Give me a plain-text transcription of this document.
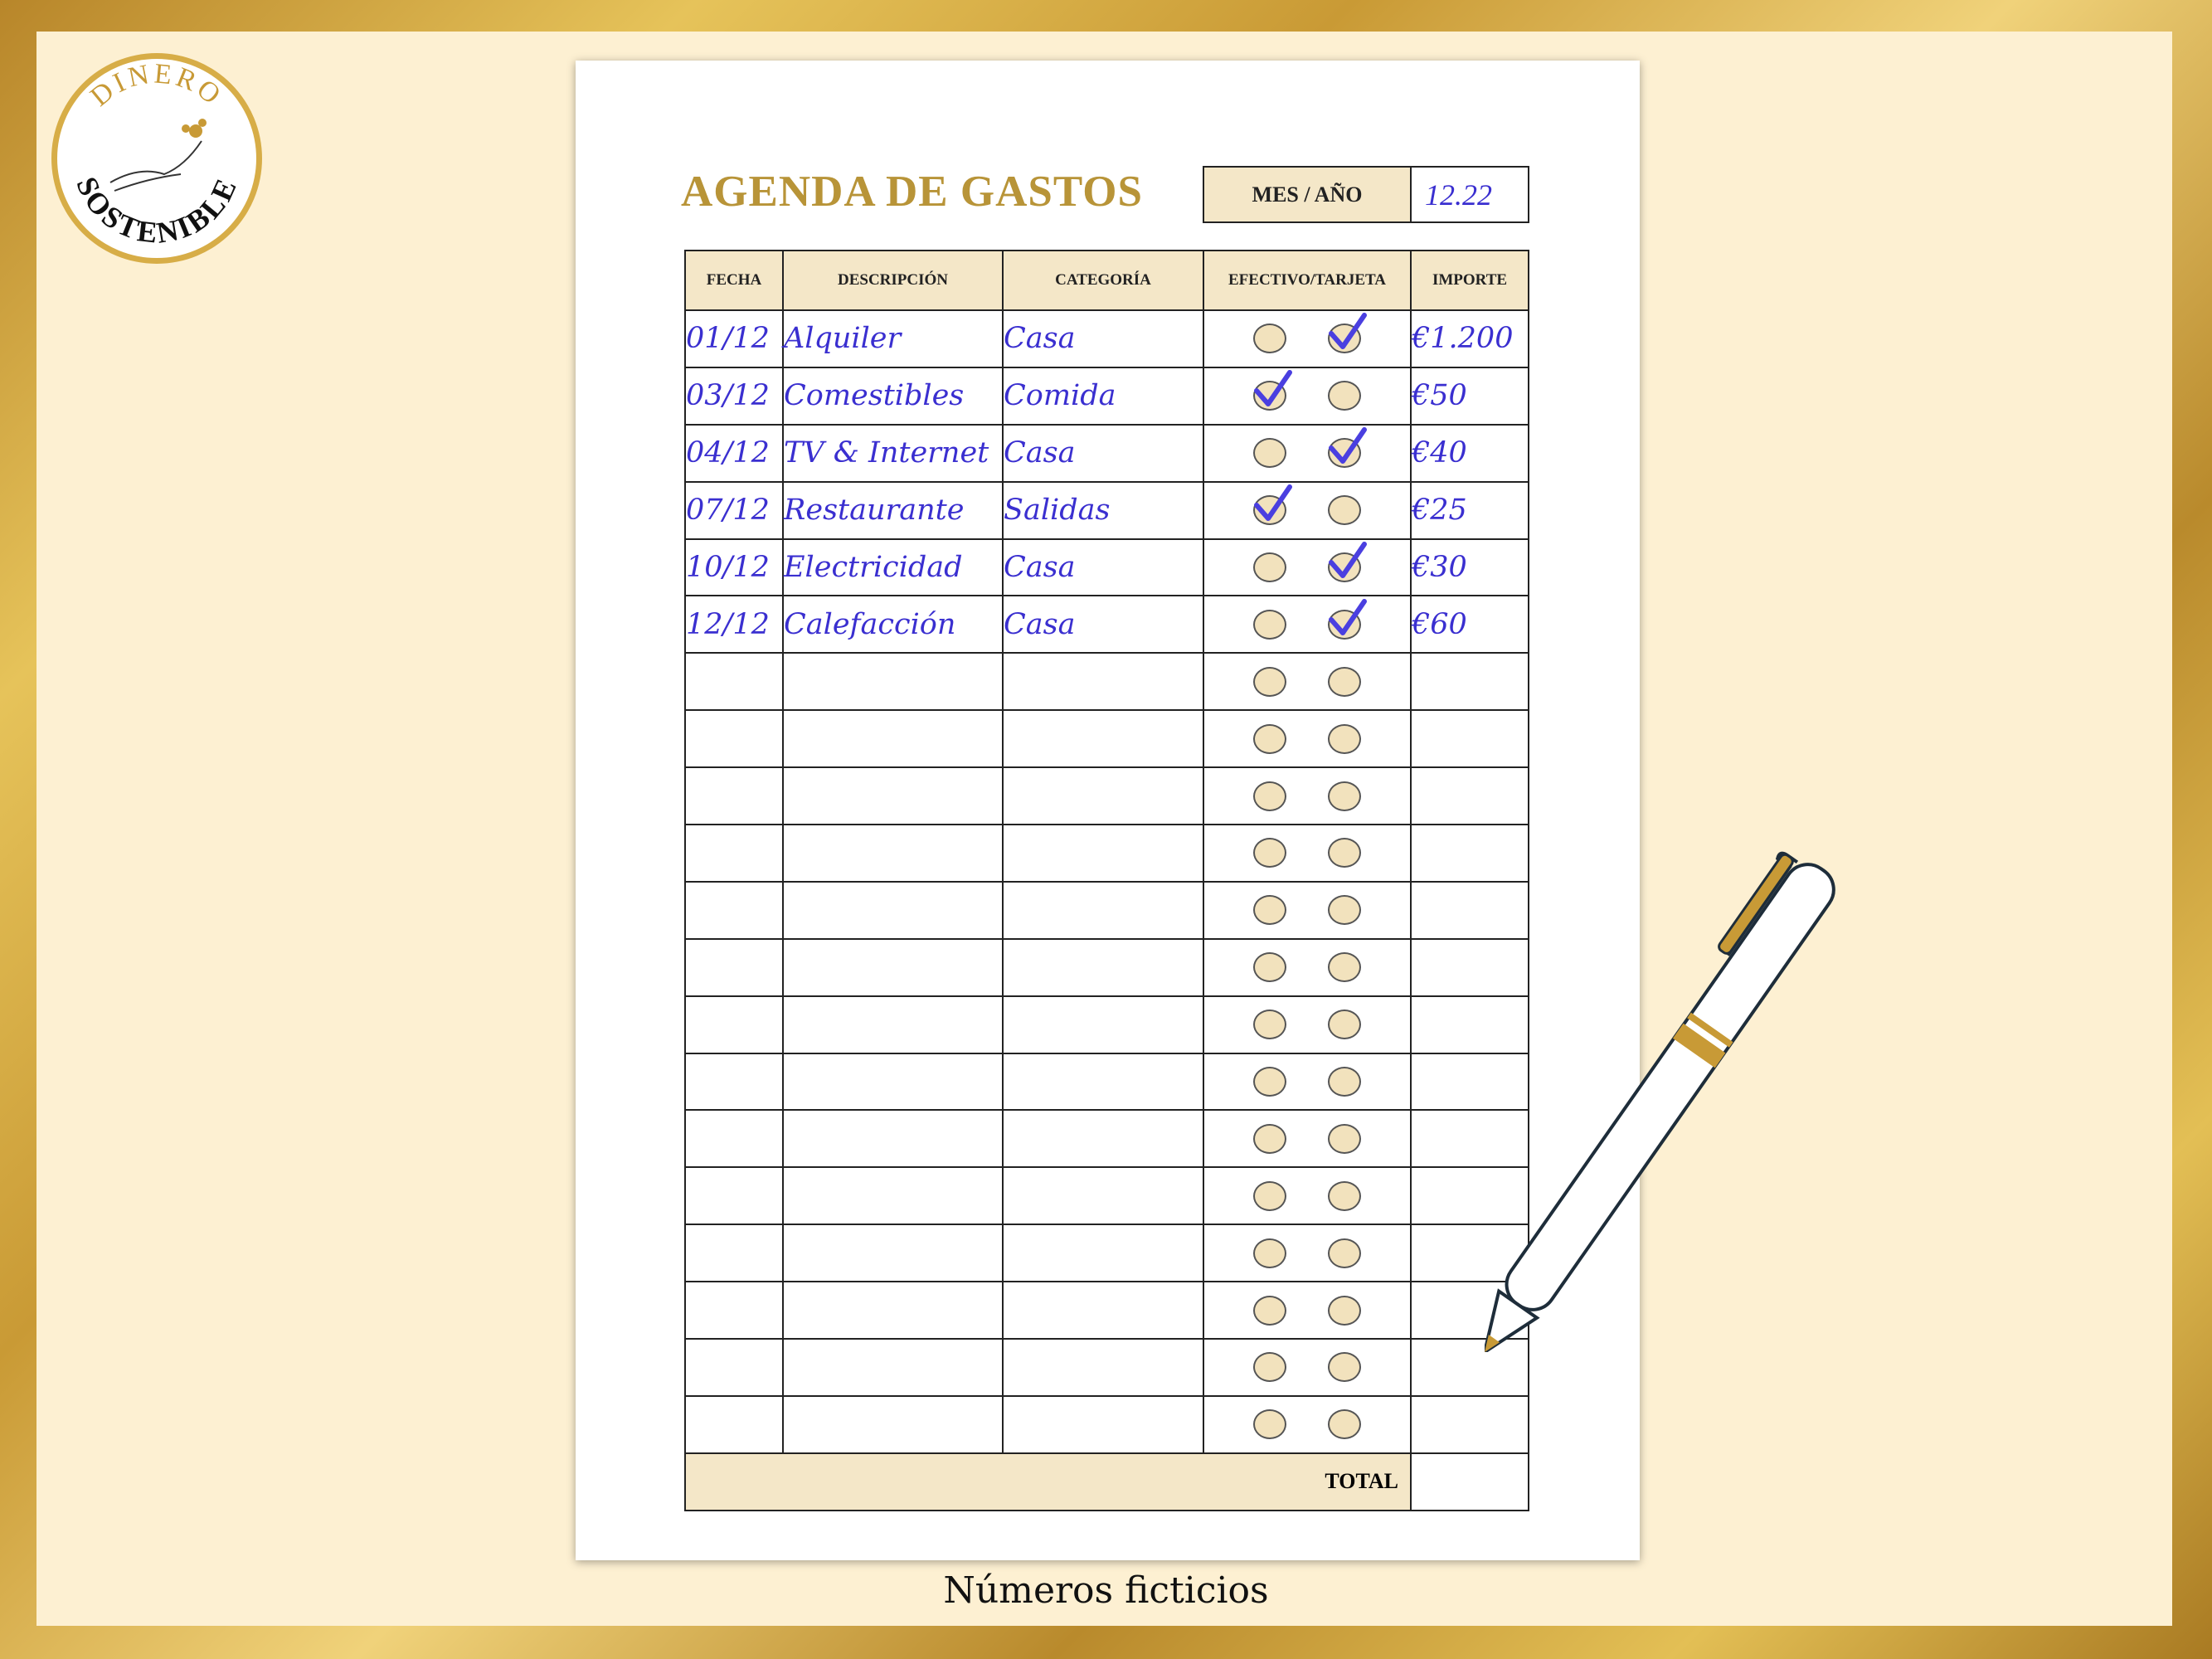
DINERO
SOSTENIBLE	AGENDA DE GASTOS	MES / AÑO	12.22
FECHA	DESCRIPCIÓN	CATEGORÍA	EFECTIVO/TARJETA	IMPORTE
01/12	Alquiler	Casa		€1.200
03/12	Comestibles	Comida		€50
04/12	TV & Internet	Casa		€40
07/12	Restaurante	Salidas		€25
10/12	Electricidad	Casa		€30
12/12	Calefacción	Casa		€60

TOTAL				
Números ficticios
